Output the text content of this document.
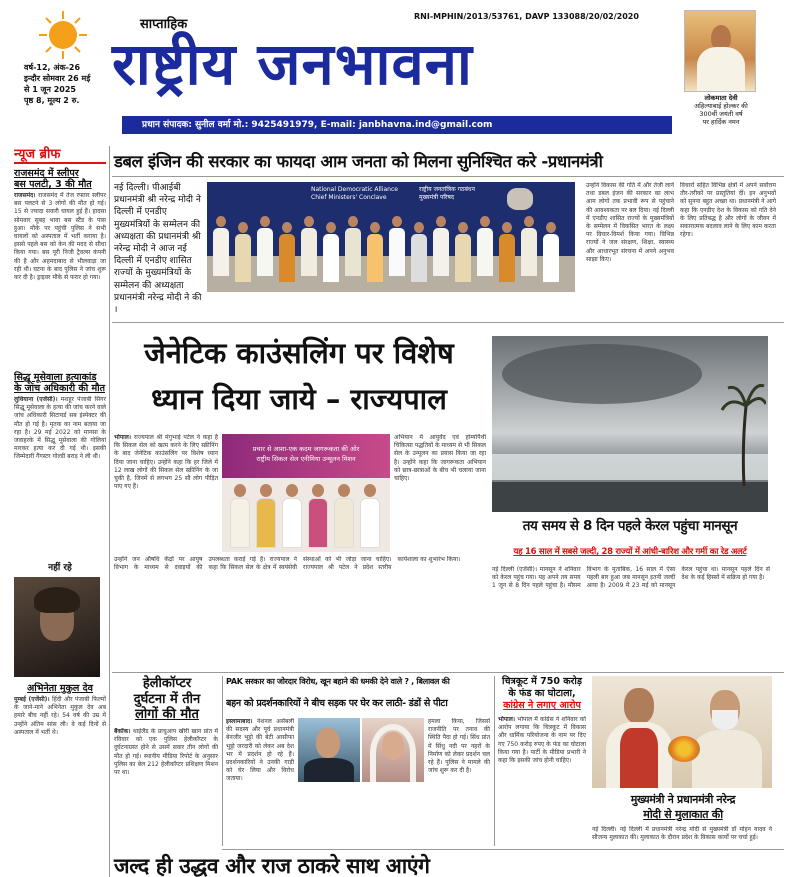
वर्ष-12, अंक-26
इन्दौर सोमवार 26 मई
से 1 जून 2025
पृष्ठ 8, मूल्य 2 रु.
साप्ताहिक
RNI-MPHIN/2013/53761, DAVP 133088/20/02/2020
राष्ट्रीय जनभावना
प्रधान संपादक: सुनील वर्मा मो.: 9425491979, E-mail: janbhavna.ind@gmail.com
लोकमाता देवी
अहिल्याबाई होल्कर की
300वीं जयंती वर्ष
पर हार्दिक नमन
न्यूज ब्रीफ
राजसमंद में स्लीपर
बस पलटी, 3 की मौत
राजसमंद। राजसमंद में तेज रफ्तार स्लीपर बस पलटने से 3 लोगों की मौत हो गई। 15 से ज्यादा सवारी घायल हुई हैं। हादसा सोमवार सुबह भावा बस स्टैंड के पास हुआ। मौके पर पहुंची पुलिस ने सभी घायलों को अस्पताल में भर्ती कराया है। इससे पहले बस को केन की मदद से सीधा किया गया। बस पूरी निजी ट्रैवल्स कंपनी की है और अहमदाबाद से भीलवाड़ा जा रही थी। घटना के बाद पुलिस ने जांच शुरू कर दी है। ड्राइवर मौके से फरार हो गया।
सिद्धू मूसेवाला हत्याकांड
के जांच अधिकारी की मौत
लुधियाना (एजेंसी)। मशहूर पंजाबी सिंगर सिद्धू मूसेवाला के हत्या की जांच करने वाले जांच अधिकारी सिटायर्ड सब इंस्पेक्टर की मौत हो गई है। मृतक का नाम बताया जा रहा है। 29 मई 2022 को मानसा के जवाहरके में सिद्धू मूसेवाला की गोलियां मारकर हत्या कर दी गई थी। इसकी जिम्मेदारी गैंगस्टर गोल्डी बराड़ ने ली थी।
नहीं रहे
अभिनेता मुकुल देव
मुम्बई (एजेंसी)। हिंदी और पंजाबी फिल्मों के जाने-माने अभिनेता मुकुल देव अब हमारे बीच नहीं रहे। 54 वर्ष की उम्र में उन्होंने अंतिम सांस ली। वे कई दिनों से अस्पताल में भर्ती थे।
डबल इंजिन की सरकार का फायदा आम जनता को मिलना सुनिश्चित करे -प्रधानमंत्री
नई दिल्ली। पीआईबी प्रधानमंत्री श्री नरेन्द्र मोदी ने दिल्ली में एनडीए मुख्यमंत्रियों के सम्मेलन की अध्यक्षता की प्रधानमंत्री श्री नरेन्द्र मोदी ने आज नई दिल्ली में एनडीए शासित राज्यों के मुख्यमंत्रियों के सम्मेलन की अध्यक्षता प्रधानमंत्री नरेन्द्र मोदी ने की ।
National Democratic Alliance
Chief Ministers' Conclave
राष्ट्रीय जनतांत्रिक गठबंधन
मुख्यमंत्री परिषद
उन्होंने विकास की गति में और तेजी लाने तथा डबल इंजन की सरकार का लाभ आम लोगों तक प्रभावी रूप से पहुंचाने की आवश्यकता पर बल दिया। नई दिल्ली में एनडीए शासित राज्यों के मुख्यमंत्रियों के सम्मेलन में विकसित भारत के लक्ष्य पर विचार-विमर्श किया गया। विभिन्न राज्यों ने जल संरक्षण, शिक्षा, स्वास्थ्य और आधारभूत संरचना में अपने अनुभव साझा किए।
विचारों सहित विभिन्न क्षेत्रों में अपने सर्वोत्तम तौर-तरीकों पर प्रस्तुतियां दीं। इन अनुभवों को सुनना बहुत अच्छा था। प्रधानमंत्री ने आगे कहा कि एनडीए देश के विकास को गति देने के लिए प्रतिबद्ध है और लोगों के जीवन में सकारात्मक बदलाव लाने के लिए काम करता रहेगा।
जेनेटिक काउंसलिंग पर विशेष
ध्यान दिया जाये – राज्यपाल
भोपाल। राज्यपाल श्री मंगुभाई पटेल ने कहा है कि सिकल सेल को खत्म करने के लिए स्क्रीनिंग के बाद जेनेटिक काउंसलिंग पर विशेष ध्यान दिया जाना चाहिए। उन्होंने कहा कि हर जिले में 12 लाख लोगों की सिकल सेल स्क्रीनिंग के जा चुकी है, जिनमें से लगभग 25 सौ लोग पीड़ित पाए गए हैं।
प्रचार से आशा-एक कदम जागरूकता की ओर
राष्ट्रीय सिकल सेल एनीमिया उन्मूलन मिशन
अभियान में आयुर्वेद एवं होम्योपैथी चिकित्सा पद्धतियों के माध्यम से भी सिकल सेल के उन्मूलन का प्रयास किया जा रहा है। उन्होंने कहा कि जागरूकता अभियान को छात्र-छात्राओं के बीच भी चलाया जाना चाहिए।
उन्होंने जन औषधि केंद्रों पर आयुष विभाग के माध्यम से दवाइयों की उपलब्धता कराई गई है। राज्यपाल ने कहा कि सिकल सेल के क्षेत्र में स्वयंसेवी संस्थाओं को भी जोड़ा जाना चाहिए। राज्यपाल श्री पटेल ने प्रदेश स्तरीय कार्यशाला का शुभारंभ किया।
तय समय से 8 दिन पहले केरल पहुंचा मानसून
यह 16 साल में सबसे जल्दी, 28 राज्यों में आंधी-बारिश और गर्मी का रेड अलर्ट
नई दिल्ली (एजेंसी)। मानसून ने शनिवार को केरल पहुंच गया। यह अपने तय समय 1 जून से 8 दिन पहले पहुंचा है। मौसम विभाग के मुताबिक, 16 साल में ऐसा पहली बार हुआ जब मानसून इतनी जल्दी आया है। 2009 में 23 मई को मानसून केरल पहुंचा था। मानसून पहले दिन से देश के कई हिस्सों में सक्रिय हो गया है।
हेलीकॉप्टर
दुर्घटना में तीन
लोगों की मौत
बैंकॉक। थाईलैंड के प्राचुआप खीरी खान प्रांत में रविवार को एक पुलिस हेलीकॉप्टर के दुर्घटनाग्रस्त होने से उसमें सवार तीन लोगों की मौत हो गई। स्थानीय मीडिया रिपोर्ट के अनुसार पुलिस का बेल 212 हेलीकॉप्टर प्रशिक्षण मिशन पर था।
PAK सरकार का जोरदार विरोध, खून बहाने की धमकी देने वाले ? , बिलावल की
बहन को प्रदर्शनकारियों ने बीच सड़क पर घेर कर लाठी- डंडों से पीटा
इस्लामाबाद। नेशनल असेंबली की सदस्य और पूर्व प्रधानमंत्री बेनजीर भुट्टो की बेटी आसीफा भुट्टो जरदारी को लेकर अब देश भर में प्रदर्शन हो रहे हैं। प्रदर्शनकारियों ने उनकी गाड़ी को घेर लिया और विरोध जताया।
हमला किया, जिससे राजनीति पर तनाव की स्थिति पैदा हो गई। सिंध प्रांत में सिंधु नदी पर नहरों के निर्माण को लेकर प्रदर्शन चल रहे हैं। पुलिस ने मामले की जांच शुरू कर दी है।
चित्रकूट में 750 करोड़
के फंड का घोटाला,
कांग्रेस ने लगाए आरोप
भोपाल। भोपाल में कांग्रेस ने शनिवार को आरोप लगाया कि चित्रकूट में विकास और धार्मिक परियोजना के नाम पर दिए गए 750 करोड़ रुपए के फंड का घोटाला किया गया है। पार्टी के मीडिया प्रभारी ने कहा कि इसकी जांच होनी चाहिए।
मुख्यमंत्री ने प्रधानमंत्री नरेन्द्र
मोदी से मुलाकात की
नई दिल्ली। नई दिल्ली में प्रधानमंत्री नरेन्द्र मोदी से मुख्यमंत्री डॉ मोहन यादव ने सौजन्य मुलाकात की। मुलाकात के दौरान प्रदेश के विकास कार्यों पर चर्चा हुई।
जल्द ही उद्धव और राज ठाकरे साथ आएंगे
